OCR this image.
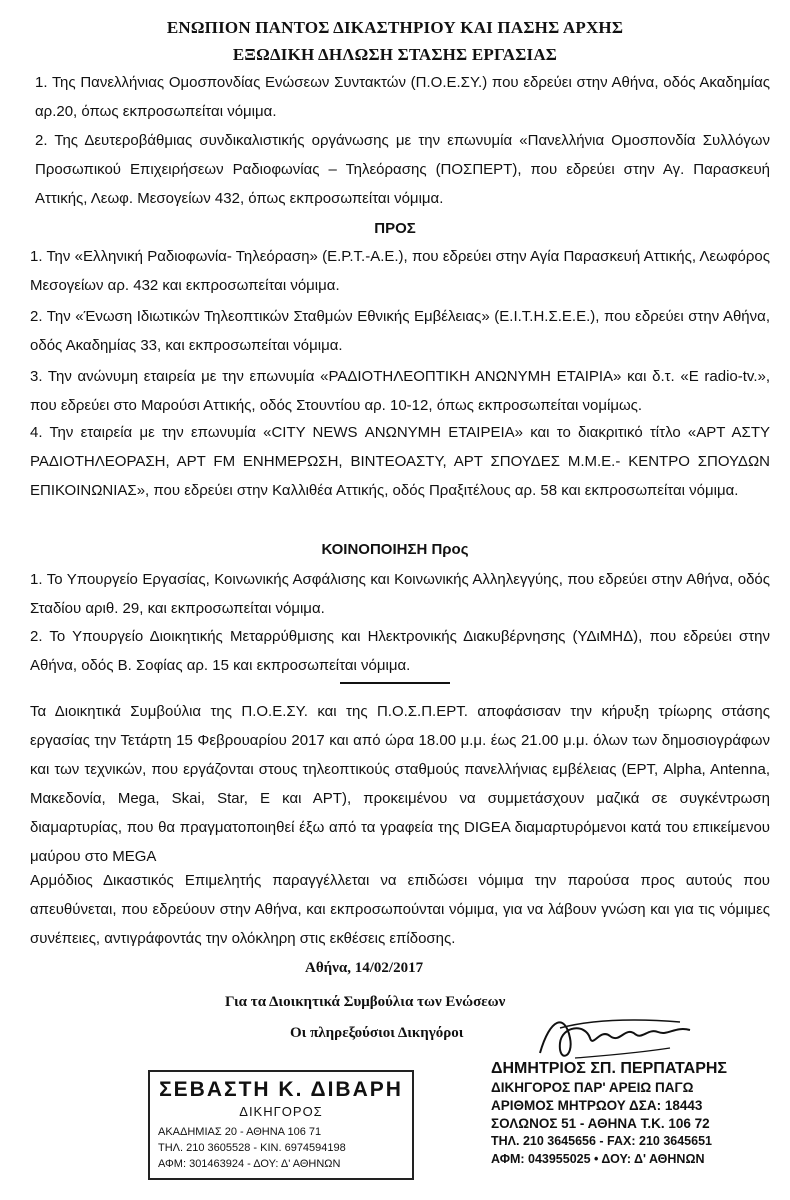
ΕΝΩΠΙΟΝ ΠΑΝΤΟΣ ΔΙΚΑΣΤΗΡΙΟΥ ΚΑΙ ΠΑΣΗΣ ΑΡΧΗΣ
ΕΞΩΔΙΚΗ ΔΗΛΩΣΗ ΣΤΑΣΗΣ ΕΡΓΑΣΙΑΣ
1. Της Πανελλήνιας Ομοσπονδίας Ενώσεων Συντακτών (Π.Ο.Ε.ΣΥ.) που εδρεύει στην Αθήνα, οδός Ακαδημίας αρ.20, όπως εκπροσωπείται νόμιμα.
2. Της Δευτεροβάθμιας συνδικαλιστικής οργάνωσης με την επωνυμία «Πανελλήνια Ομοσπονδία Συλλόγων Προσωπικού Επιχειρήσεων Ραδιοφωνίας – Τηλεόρασης (ΠΟΣΠΕΡΤ), που εδρεύει στην Αγ. Παρασκευή Αττικής, Λεωφ. Μεσογείων 432, όπως εκπροσωπείται νόμιμα.
ΠΡΟΣ
1. Την «Ελληνική Ραδιοφωνία- Τηλεόραση» (Ε.Ρ.Τ.-Α.Ε.), που εδρεύει στην Αγία Παρασκευή Αττικής, Λεωφόρος Μεσογείων αρ. 432 και εκπροσωπείται νόμιμα.
2. Την «Ένωση Ιδιωτικών Τηλεοπτικών Σταθμών Εθνικής Εμβέλειας» (Ε.Ι.Τ.Η.Σ.Ε.Ε.), που εδρεύει στην Αθήνα, οδός Ακαδημίας 33, και εκπροσωπείται νόμιμα.
3. Την ανώνυμη εταιρεία με την επωνυμία «ΡΑΔΙΟΤΗΛΕΟΠΤΙΚΗ ΑΝΩΝΥΜΗ ΕΤΑΙΡΙΑ» και δ.τ. «Ε radio-tv.», που εδρεύει στο Μαρούσι Αττικής, οδός Στουντίου αρ. 10-12, όπως εκπροσωπείται νομίμως.
4. Την εταιρεία με την επωνυμία «CITY NEWS ΑΝΩΝΥΜΗ ΕΤΑΙΡΕΙΑ» και το διακριτικό τίτλο «ΑΡΤ ΑΣΤΥ ΡΑΔΙΟΤΗΛΕΟΡΑΣΗ, ΑΡΤ FM ΕΝΗΜΕΡΩΣΗ, ΒΙΝΤΕΟΑΣΤΥ, ΑΡΤ ΣΠΟΥΔΕΣ Μ.Μ.Ε.- ΚΕΝΤΡΟ ΣΠΟΥΔΩΝ ΕΠΙΚΟΙΝΩΝΙΑΣ», που εδρεύει στην Καλλιθέα Αττικής, οδός Πραξιτέλους αρ. 58 και εκπροσωπείται νόμιμα.
ΚΟΙΝΟΠΟΙΗΣΗ Προς
1. Το Υπουργείο Εργασίας, Κοινωνικής Ασφάλισης και Κοινωνικής Αλληλεγγύης, που εδρεύει στην Αθήνα, οδός Σταδίου αριθ. 29, και εκπροσωπείται νόμιμα.
2. Το Υπουργείο Διοικητικής Μεταρρύθμισης και Ηλεκτρονικής Διακυβέρνησης (ΥΔιΜΗΔ), που εδρεύει στην Αθήνα, οδός Β. Σοφίας αρ. 15 και εκπροσωπείται νόμιμα.
Τα Διοικητικά Συμβούλια της Π.Ο.Ε.ΣΥ. και της Π.Ο.Σ.Π.ΕΡΤ. αποφάσισαν την κήρυξη τρίωρης στάσης εργασίας την Τετάρτη 15 Φεβρουαρίου 2017 και από ώρα 18.00 μ.μ. έως 21.00 μ.μ. όλων των δημοσιογράφων και των τεχνικών, που εργάζονται στους τηλεοπτικούς σταθμούς πανελλήνιας εμβέλειας (ΕΡΤ, Alpha, Antenna, Μακεδονία, Mega, Skai, Star, E και ΑΡΤ), προκειμένου να συμμετάσχουν μαζικά σε συγκέντρωση διαμαρτυρίας, που θα πραγματοποιηθεί έξω από τα γραφεία της DIGEA διαμαρτυρόμενοι κατά του επικείμενου μαύρου στο MEGA
Αρμόδιος Δικαστικός Επιμελητής παραγγέλλεται να επιδώσει νόμιμα την παρούσα προς αυτούς που απευθύνεται, που εδρεύουν στην Αθήνα, και εκπροσωπούνται νόμιμα, για να λάβουν γνώση και για τις νόμιμες συνέπειες, αντιγράφοντάς την ολόκληρη στις εκθέσεις επίδοσης.
Αθήνα, 14/02/2017
Για τα Διοικητικά Συμβούλια των Ενώσεων
Οι πληρεξούσιοι Δικηγόροι
ΣΕΒΑΣΤΗ Κ. ΔΙΒΑΡΗ
ΔΙΚΗΓΟΡΟΣ
ΑΚΑΔΗΜΙΑΣ 20 - ΑΘΗΝΑ 106 71
ΤΗΛ. 210 3605528 - ΚΙΝ. 6974594198
ΑΦΜ: 301463924 - ΔΟΥ: Δ' ΑΘΗΝΩΝ
ΔΗΜΗΤΡΙΟΣ ΣΠ. ΠΕΡΠΑΤΑΡΗΣ
ΔΙΚΗΓΟΡΟΣ ΠΑΡ' ΑΡΕΙΩ ΠΑΓΩ
ΑΡΙΘΜΟΣ ΜΗΤΡΩΟΥ ΔΣΑ: 18443
ΣΟΛΩΝΟΣ 51 - ΑΘΗΝΑ Τ.Κ. 106 72
ΤΗΛ. 210 3645656 - FAX: 210 3645651
ΑΦΜ: 043955025 • ΔΟΥ: Δ' ΑΘΗΝΩΝ
